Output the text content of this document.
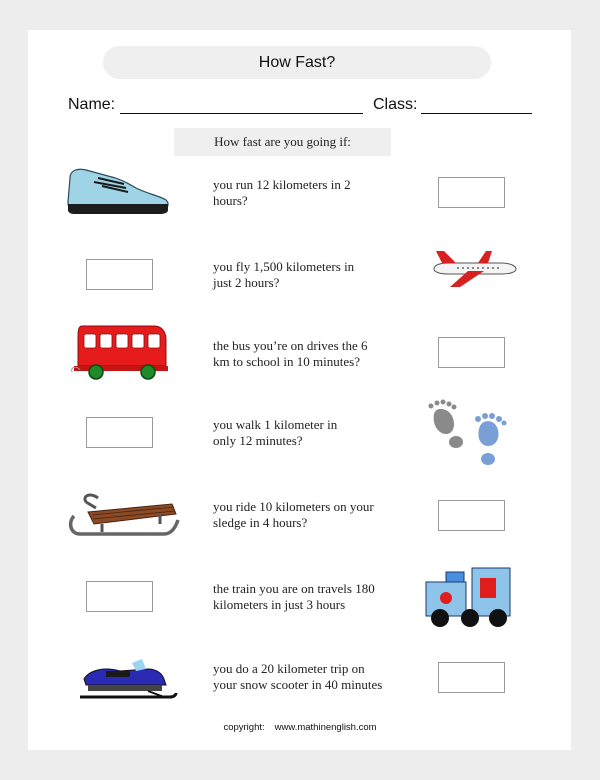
How Fast?
Name:	Class:
How fast are you going if:
you run 12 kilometers in 2
hours?
you fly 1,500 kilometers in
just 2 hours?
the bus you’re on drives the 6
km to school in 10 minutes?
you walk 1 kilometer in
only 12 minutes?
you ride 10 kilometers on your
sledge in 4 hours?
the train you are on travels 180
kilometers in just 3 hours
you do a 20 kilometer trip on
your snow scooter in 40 minutes
copyright: www.mathinenglish.com
